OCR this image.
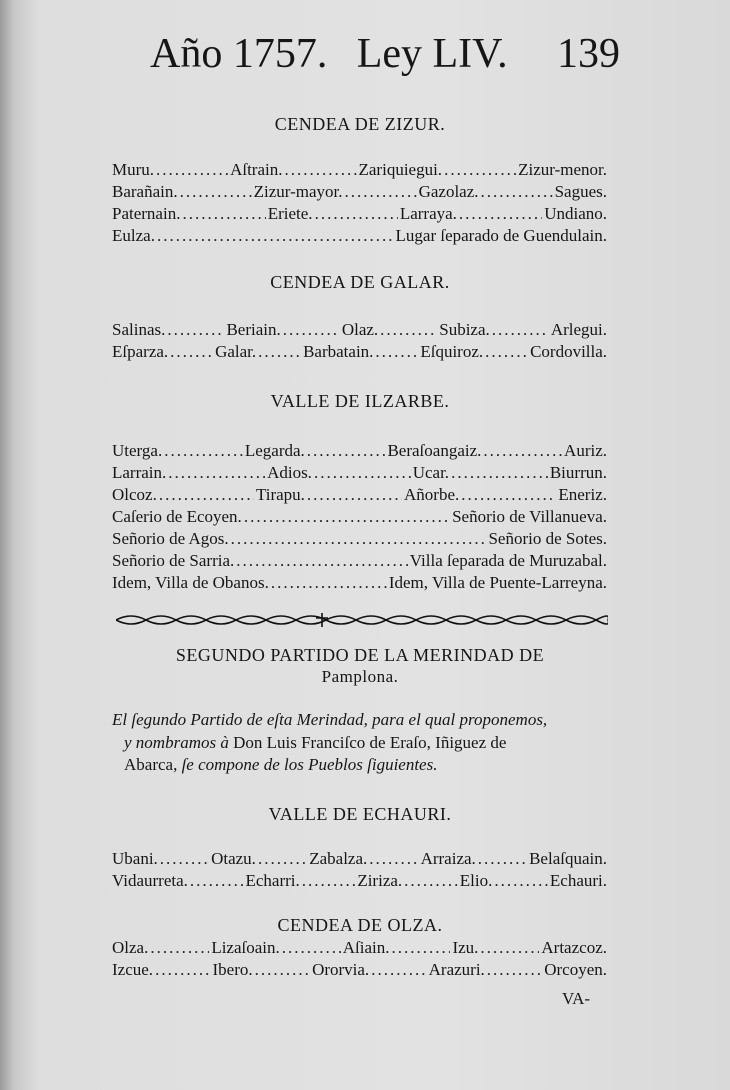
Año 1757. Ley LIV. 139
CENDEA DE ZIZUR.
Muru. .....	Aſtrain. .....	Zariquiegui. .....	Zizur-menor.
Barañain. .....	Zizur-mayor. .....	Gazolaz. .....	Sagues.
Paternain. .....	Eriete. .....	Larraya. .....	Undiano.
Eulza. .....	Lugar ſeparado de Guendulain.
CENDEA DE GALAR.
Salinas. .....	Beriain. .....	Olaz. .....	Subiza. .....	Arlegui.
Eſparza. .....	Galar. .....	Barbatain. .....	Eſquiroz. .....	Cordovilla.
VALLE DE ILZARBE.
Uterga. .....	Legarda. .....	Beraſoangaiz. .....	Auriz.
Larrain. .....	Adios. .....	Ucar. .....	Biurrun.
Olcoz. .....	Tirapu. .....	Añorbe. .....	Eneriz.
Caſerio de Ecoyen. .....	Señorio de Villanueva.
Señorio de Agos. .....	Señorio de Sotes.
Señorio de Sarria. .....	Villa ſeparada de Muruzabal.
Idem, Villa de Obanos. .....	Idem, Villa de Puente-Larreyna.
SEGUNDO PARTIDO DE LA MERINDAD DE
Pamplona.
El ſegundo Partido de eſta Merindad, para el qual proponemos,
y nombramos à Don Luis Franciſco de Eraſo, Iñiguez de
Abarca, ſe compone de los Pueblos ſiguientes.
VALLE DE ECHAURI.
Ubani. .....	Otazu. .....	Zabalza. .....	Arraiza. .....	Belaſquain.
Vidaurreta. .....	Echarri. .....	Ziriza. .....	Elio. .....	Echauri.
CENDEA DE OLZA.
Olza. .....	Lizaſoain. .....	Aſiain. .....	Izu. .....	Artazcoz.
Izcue. .....	Ibero. .....	Ororvia. .....	Arazuri. .....	Orcoyen.
VA-
